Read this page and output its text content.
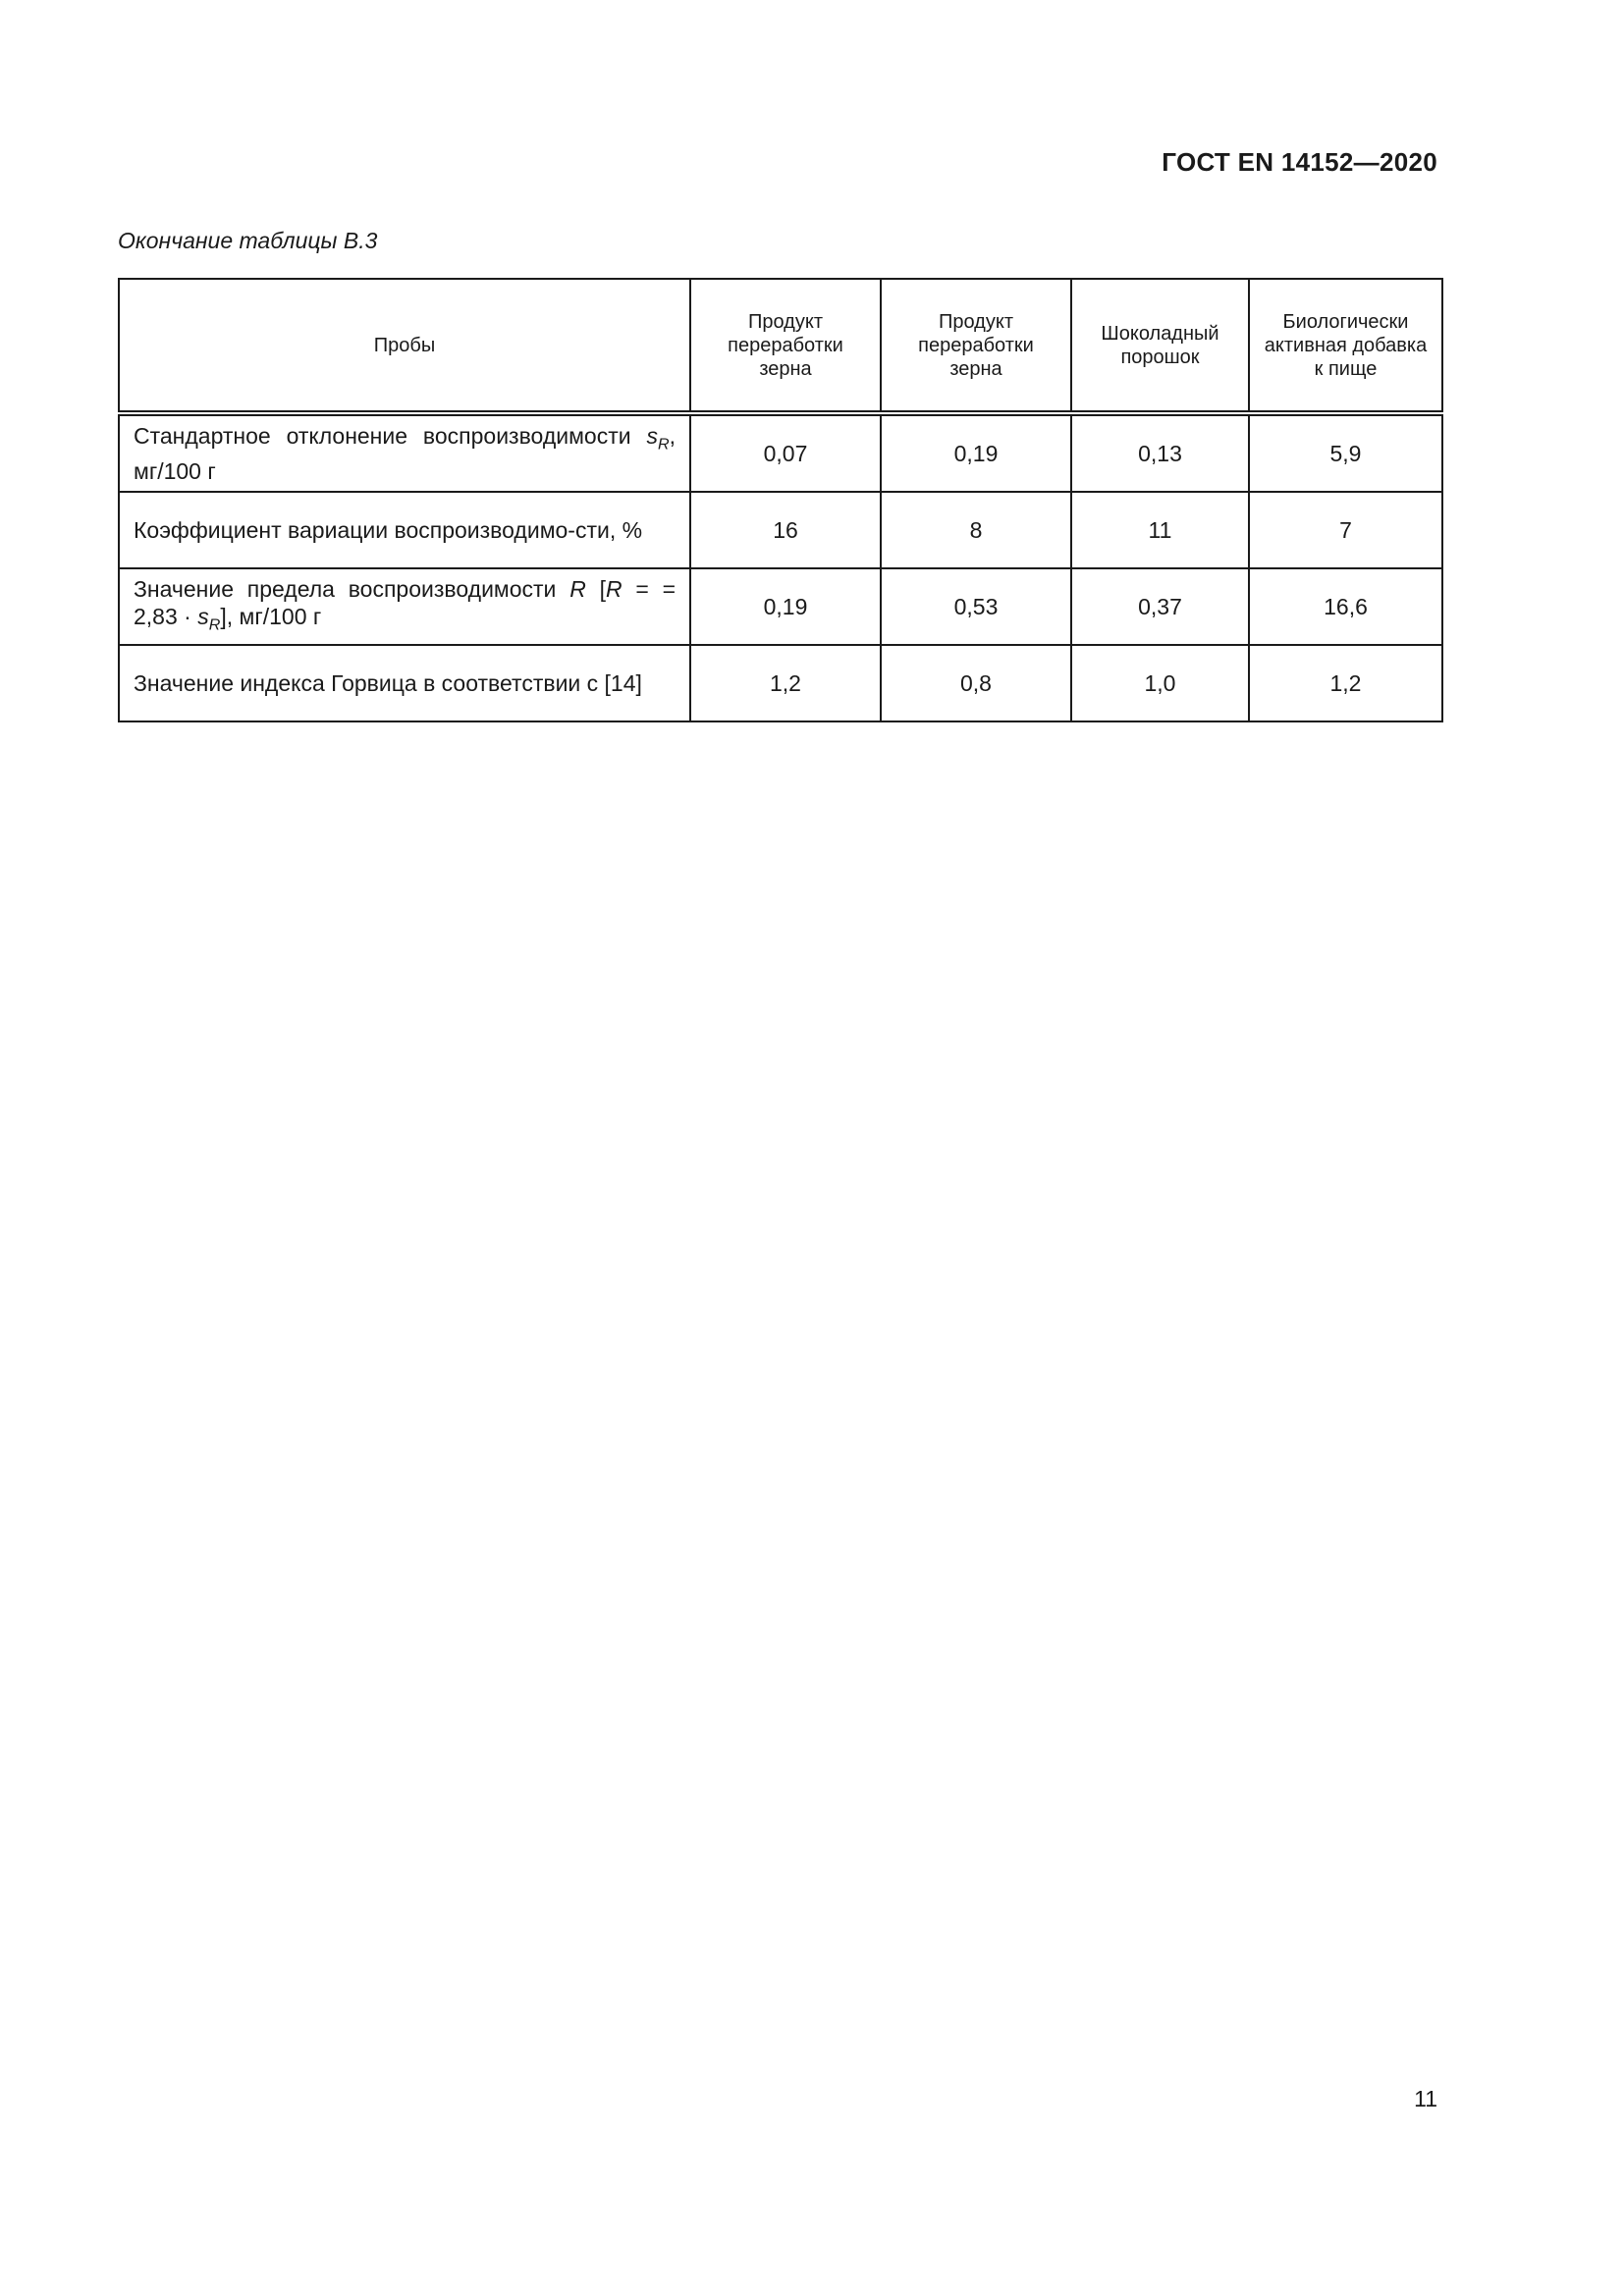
ГОСТ EN 14152—2020
Окончание таблицы В.3
Пробы	Продукт переработки зерна	Продукт переработки зерна	Шоколадный порошок	Биологически активная добавка к пище
Стандартное отклонение воспроизводимости $s_R$, мг/100 г	0,07	0,19	0,13	5,9
Коэффициент вариации воспроизводимо-сти, %	16	8	11	7
Значение предела воспроизводимости R [R = = $2,83 \cdot s_R$], мг/100 г	0,19	0,53	0,37	16,6
Значение индекса Горвица в соответствии с [14]	1,2	0,8	1,0	1,2
11
